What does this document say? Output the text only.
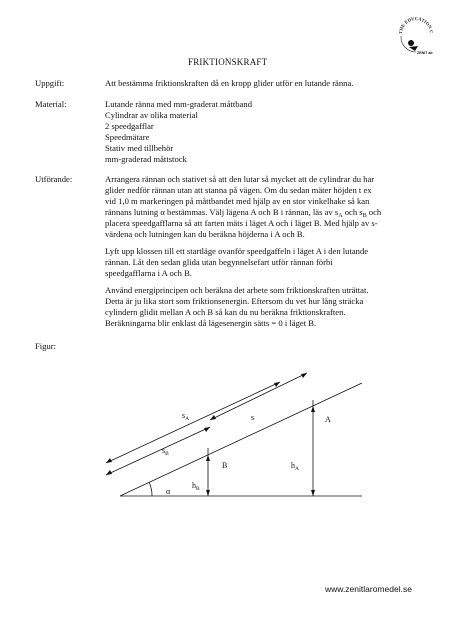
THE EDUCATION C
ZENIT ab
FRIKTIONSKRAFT
Uppgift:	Att bestämma friktionskraften då en kropp glider utför en lutande ränna.
Material:	Lutande ränna med mm-graderat måttband
Cylindrar av olika material
2 speedgafflar
Speedmätare
Stativ med tillbehör
mm-graderad måttstock
Utförande:	Arrangera rännan och stativet så att den lutar så mycket att de cylindrar du har
glider nedför rännan utan att stanna på vägen. Om du sedan mäter höjden t ex
vid 1,0 m markeringen på måttbandet med hjälp av en stor vinkelhake så kan
rännans lutning α bestämmas. Välj lägena A och B i rännan, läs av $s_A$ och $s_B$ och
placera speedgafflarna så att farten mäts i läget A och i läget B. Med hjälp av s-
värdena och lutningen kan du beräkna höjderna i A och B.
Lyft upp klossen till ett startläge ovanför speedgaffeln i läget A i den lutande
rännan. Låt den sedan glida utan begynnelsefart utför rännan förbi
speedgafflarna i A och B.
Använd energiprincipen och beräkna det arbete som friktionskraften uträttat.
Detta är ju lika stort som friktionsenergin. Eftersom du vet hur lång sträcka
cylindern glidit mellan A och B så kan du nu beräkna friktionskraften.
Beräkningarna blir enklast då lägesenergin sätts = 0 i läget B.
Figur:
$s_A$
$s_B$
s	A
B	$h_A$
$h_B$
α
www.zenitlaromedel.se
